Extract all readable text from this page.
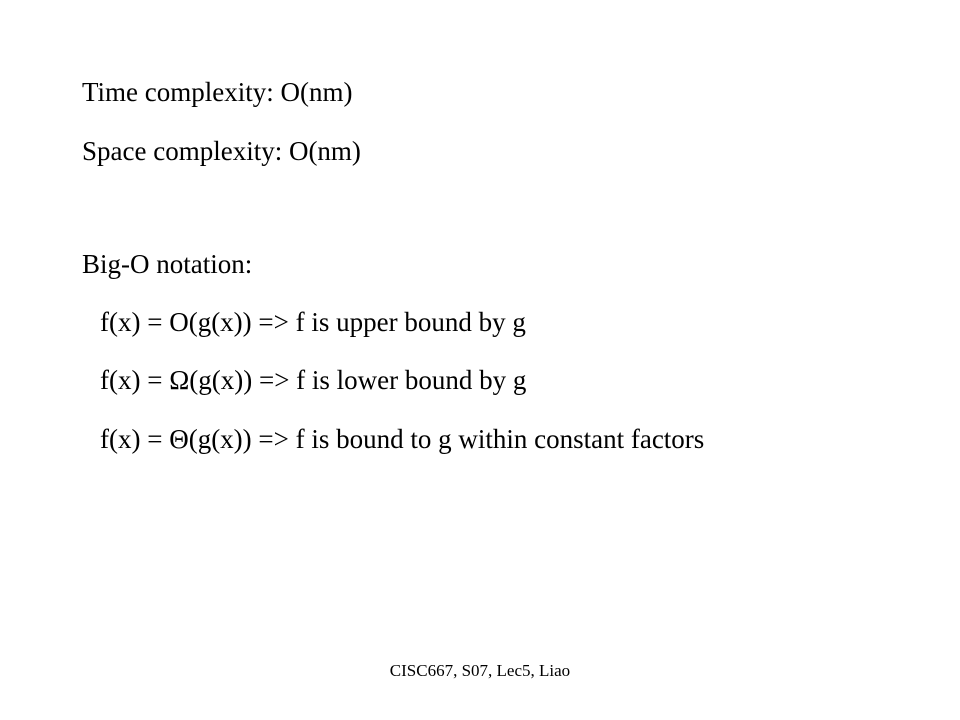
Time complexity: O(nm)
Space complexity: O(nm)
Big-O notation:
f(x) = O(g(x)) => f is upper bound by g
f(x) = Ω(g(x)) => f is lower bound by g
f(x) = Θ(g(x)) => f is bound to g within constant factors
CISC667, S07, Lec5, Liao
